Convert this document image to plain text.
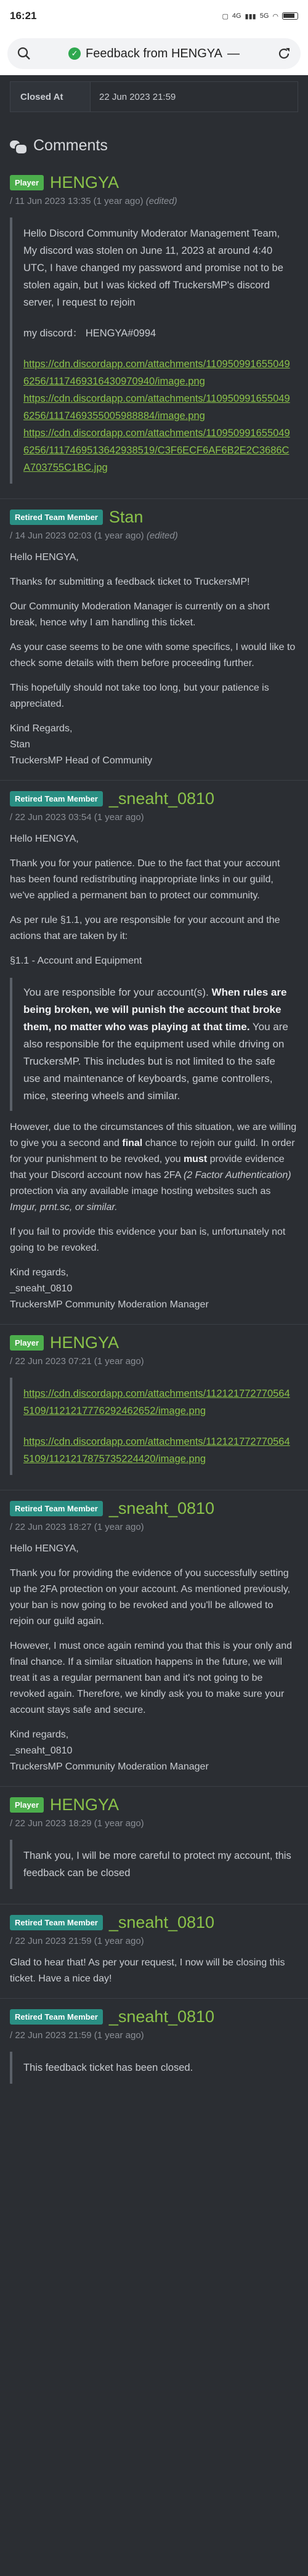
16:21	▢ 4G ▮▮▮ 5G ◠
✓ Feedback from HENGYA —
Closed At	22 Jun 2023 21:59
Comments
Player HENGYA
/ 11 Jun 2023 13:35 (1 year ago) (edited)

Hello Discord Community Moderator Management Team, My discord was stolen on June 11, 2023 at around 4:40 UTC, I have changed my password and promise not to be stolen again, but I was kicked off TruckersMP's discord server, I request to rejoin

my discord： HENGYA#0994

https://cdn.discordapp.com/attachments/1109509916550496256/1117469316430970940/image.png
https://cdn.discordapp.com/attachments/1109509916550496256/1117469355005988884/image.png
https://cdn.discordapp.com/attachments/1109509916550496256/1117469513642938519/C3F6ECF6AF6B2E2C3686CA703755C1BC.jpg

Retired Team Member Stan
/ 14 Jun 2023 02:03 (1 year ago) (edited)

Hello HENGYA,

Thanks for submitting a feedback ticket to TruckersMP!

Our Community Moderation Manager is currently on a short break, hence why I am handling this ticket.

As your case seems to be one with some specifics, I would like to check some details with them before proceeding further.

This hopefully should not take too long, but your patience is appreciated.

Kind Regards,
Stan
TruckersMP Head of Community

Retired Team Member _sneaht_0810
/ 22 Jun 2023 03:54 (1 year ago)

Hello HENGYA,

Thank you for your patience. Due to the fact that your account has been found redistributing inappropriate links in our guild, we've applied a permanent ban to protect our community.

As per rule §1.1, you are responsible for your account and the actions that are taken by it:

§1.1 - Account and Equipment

You are responsible for your account(s). When rules are being broken, we will punish the account that broke them, no matter who was playing at that time. You are also responsible for the equipment used while driving on TruckersMP. This includes but is not limited to the safe use and maintenance of keyboards, game controllers, mice, steering wheels and similar.

However, due to the circumstances of this situation, we are willing to give you a second and final chance to rejoin our guild. In order for your punishment to be revoked, you must provide evidence that your Discord account now has 2FA (2 Factor Authentication) protection via any available image hosting websites such as Imgur, prnt.sc, or similar.

If you fail to provide this evidence your ban is, unfortunately not going to be revoked.

Kind regards,
_sneaht_0810
TruckersMP Community Moderation Manager

Player HENGYA
/ 22 Jun 2023 07:21 (1 year ago)

https://cdn.discordapp.com/attachments/1121217727705645109/1121217776292462652/image.png

https://cdn.discordapp.com/attachments/1121217727705645109/1121217875735224420/image.png

Retired Team Member _sneaht_0810
/ 22 Jun 2023 18:27 (1 year ago)

Hello HENGYA,

Thank you for providing the evidence of you successfully setting up the 2FA protection on your account. As mentioned previously, your ban is now going to be revoked and you'll be allowed to rejoin our guild again.

However, I must once again remind you that this is your only and final chance. If a similar situation happens in the future, we will treat it as a regular permanent ban and it's not going to be revoked again. Therefore, we kindly ask you to make sure your account stays safe and secure.

Kind regards,
_sneaht_0810
TruckersMP Community Moderation Manager

Player HENGYA
/ 22 Jun 2023 18:29 (1 year ago)

Thank you, I will be more careful to protect my account, this feedback can be closed

Retired Team Member _sneaht_0810
/ 22 Jun 2023 21:59 (1 year ago)

Glad to hear that! As per your request, I now will be closing this ticket. Have a nice day!

Retired Team Member _sneaht_0810
/ 22 Jun 2023 21:59 (1 year ago)

This feedback ticket has been closed.
